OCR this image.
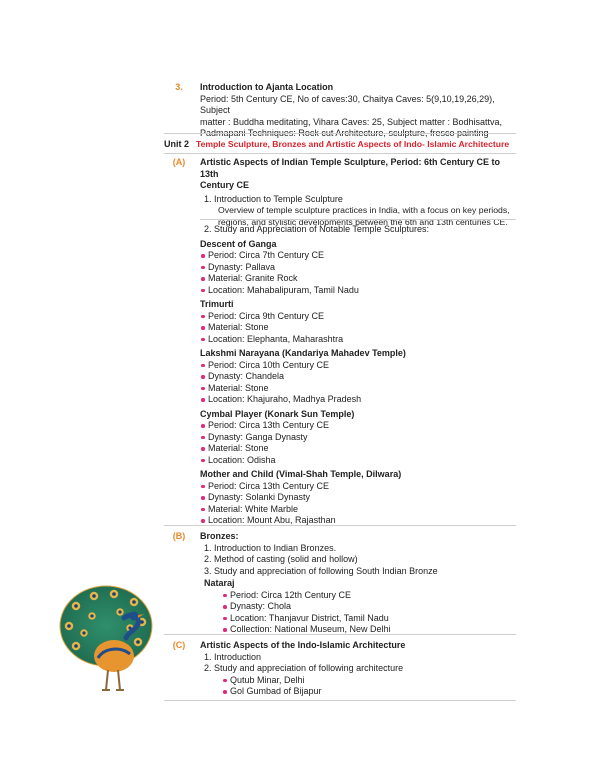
3.	Introduction to Ajanta Location
Period: 5th Century CE, No of caves:30, Chaitya Caves: 5(9,10,19,26,29), Subject
matter : Buddha meditating, Vihara Caves: 25, Subject matter : Bodhisattva,
Padmapani Techniques: Rock cut Architecture, sculpture, fresco painting
Unit 2 Temple Sculpture, Bronzes and Artistic Aspects of Indo- Islamic Architecture
(A)	Artistic Aspects of Indian Temple Sculpture, Period: 6th Century CE to 13th
Century CE
1. Introduction to Temple Sculpture
Overview of temple sculpture practices in India, with a focus on key periods,
regions, and stylistic developments between the 6th and 13th centuries CE.
2. Study and Appreciation of Notable Temple Sculptures:
Descent of Ganga
Period: Circa 7th Century CE
Dynasty: Pallava
Material: Granite Rock
Location: Mahabalipuram, Tamil Nadu
Trimurti
Period: Circa 9th Century CE
Material: Stone
Location: Elephanta, Maharashtra
Lakshmi Narayana (Kandariya Mahadev Temple)
Period: Circa 10th Century CE
Dynasty: Chandela
Material: Stone
Location: Khajuraho, Madhya Pradesh
Cymbal Player (Konark Sun Temple)
Period: Circa 13th Century CE
Dynasty: Ganga Dynasty
Material: Stone
Location: Odisha
Mother and Child (Vimal-Shah Temple, Dilwara)
Period: Circa 13th Century CE
Dynasty: Solanki Dynasty
Material: White Marble
Location: Mount Abu, Rajasthan
(B)	Bronzes:
1. Introduction to Indian Bronzes.
2. Method of casting (solid and hollow)
3. Study and appreciation of following South Indian Bronze
Nataraj
Period: Circa 12th Century CE
Dynasty: Chola
Location: Thanjavur District, Tamil Nadu
Collection: National Museum, New Delhi
(C)	Artistic Aspects of the Indo-Islamic Architecture
1. Introduction
2. Study and appreciation of following architecture
Qutub Minar, Delhi
Gol Gumbad of Bijapur
